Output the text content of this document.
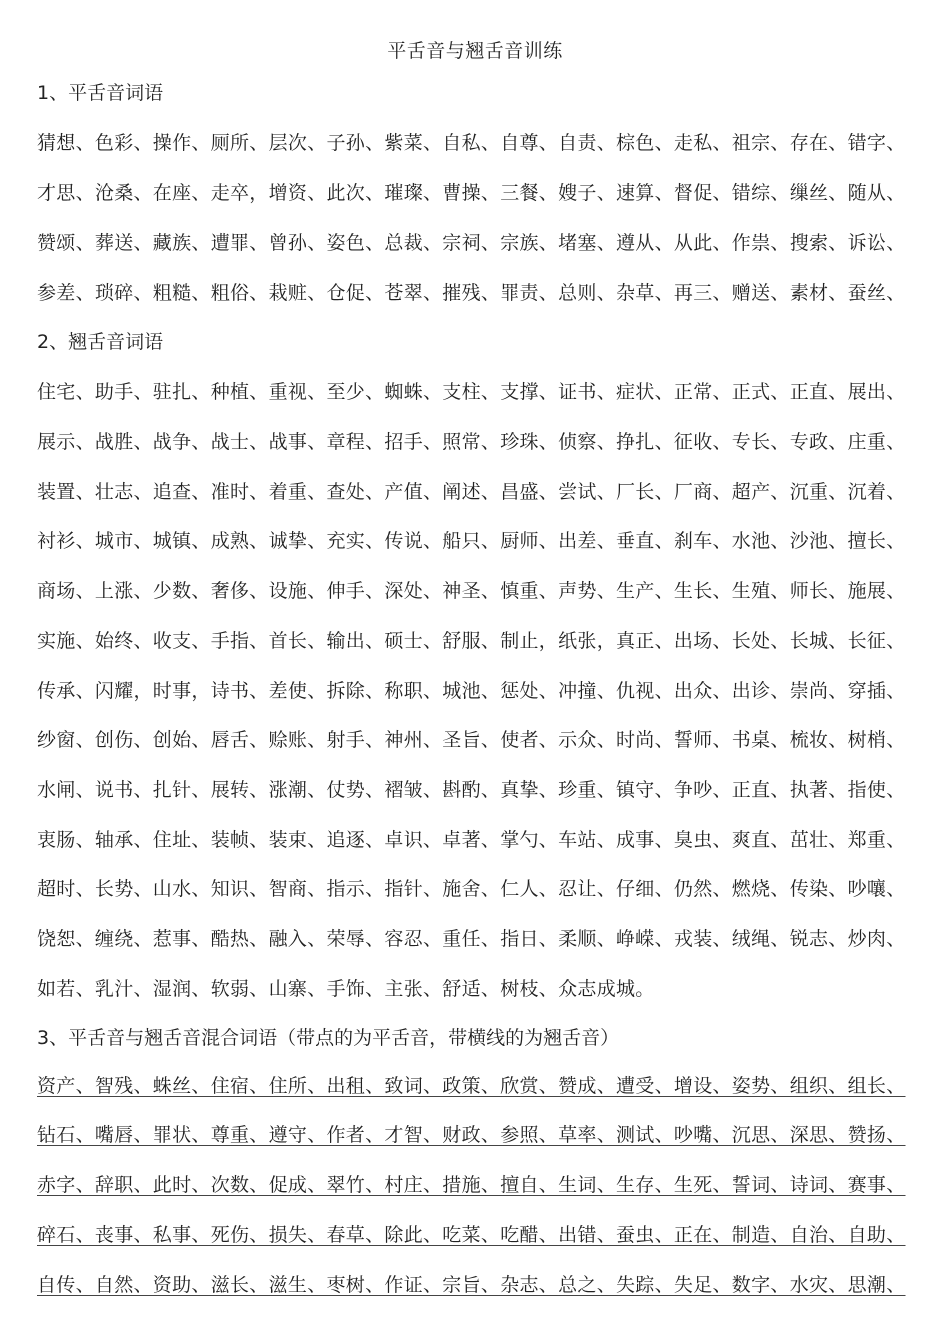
平舌音与翘舌音训练
1、平舌音词语
猜想、色彩、操作、厕所、层次、子孙、紫菜、自私、自尊、自责、棕色、走私、祖宗、存在、错字、
才思、沧桑、在座、走卒，增资、此次、璀璨、曹操、三餐、嫂子、速算、督促、错综、缫丝、随从、
赞颂、葬送、藏族、遭罪、曾孙、姿色、总裁、宗祠、宗族、堵塞、遵从、从此、作祟、搜索、诉讼、
参差、琐碎、粗糙、粗俗、栽赃、仓促、苍翠、摧残、罪责、总则、杂草、再三、赠送、素材、蚕丝、
2、翘舌音词语
住宅、助手、驻扎、种植、重视、至少、蜘蛛、支柱、支撑、证书、症状、正常、正式、正直、展出、
展示、战胜、战争、战士、战事、章程、招手、照常、珍珠、侦察、挣扎、征收、专长、专政、庄重、
装置、壮志、追查、准时、着重、查处、产值、阐述、昌盛、尝试、厂长、厂商、超产、沉重、沉着、
衬衫、城市、城镇、成熟、诚挚、充实、传说、船只、厨师、出差、垂直、刹车、水池、沙池、擅长、
商场、上涨、少数、奢侈、设施、伸手、深处、神圣、慎重、声势、生产、生长、生殖、师长、施展、
实施、始终、收支、手指、首长、输出、硕士、舒服、制止，纸张，真正、出场、长处、长城、长征、
传承、闪耀，时事，诗书、差使、拆除、称职、城池、惩处、冲撞、仇视、出众、出诊、崇尚、穿插、
纱窗、创伤、创始、唇舌、赊账、射手、神州、圣旨、使者、示众、时尚、誓师、书桌、梳妆、树梢、
水闸、说书、扎针、展转、涨潮、仗势、褶皱、斟酌、真挚、珍重、镇守、争吵、正直、执著、指使、
衷肠、轴承、住址、装帧、装束、追逐、卓识、卓著、掌勺、车站、成事、臭虫、爽直、茁壮、郑重、
超时、长势、山水、知识、智商、指示、指针、施舍、仁人、忍让、仔细、仍然、燃烧、传染、吵嚷、
饶恕、缠绕、惹事、酷热、融入、荣辱、容忍、重任、指日、柔顺、峥嵘、戎装、绒绳、锐志、炒肉、
如若、乳汁、湿润、软弱、山寨、手饰、主张、舒适、树枝、众志成城。
3、平舌音与翘舌音混合词语（带点的为平舌音，带横线的为翘舌音）
资产、智残、蛛丝、住宿、住所、出租、致词、政策、欣赏、赞成、遭受、增设、姿势、组织、组长、
钻石、嘴唇、罪状、尊重、遵守、作者、才智、财政、参照、草率、测试、吵嘴、沉思、深思、赞扬、
赤字、辞职、此时、次数、促成、翠竹、村庄、措施、擅自、生词、生存、生死、誓词、诗词、赛事、
碎石、丧事、私事、死伤、损失、春草、除此、吃菜、吃醋、出错、蚕虫、正在、制造、自治、自助、
自传、自然、资助、滋长、滋生、枣树、作证、宗旨、杂志、总之、失踪、失足、数字、水灾、思潮、
